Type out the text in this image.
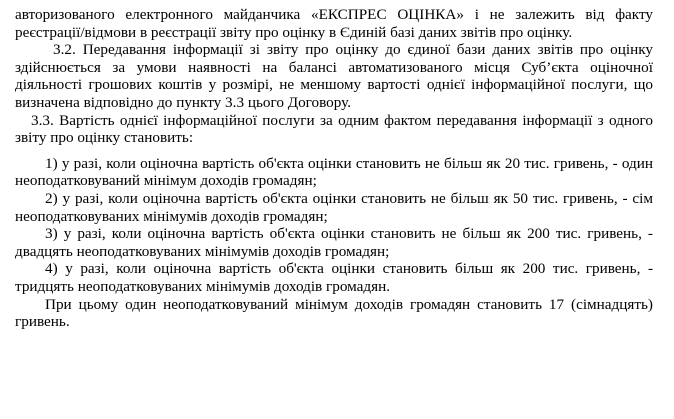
авторизованого електронного майданчика «ЕКСПРЕС ОЦІНКА» і не залежить від факту реєстрації/відмови в реєстрації звіту про оцінку в Єдиній базі даних звітів про оцінку.

3.2. Передавання інформації зі звіту про оцінку до єдиної бази даних звітів про оцінку здійснюється за умови наявності на балансі автоматизованого місця Суб’єкта оціночної діяльності грошових коштів у розмірі, не меншому вартості однієї інформаційної послуги, що визначена відповідно до пункту 3.3 цього Договору.

3.3. Вартість однієї інформаційної послуги за одним фактом передавання інформації з одного звіту про оцінку становить:

1) у разі, коли оціночна вартість об'єкта оцінки становить не більш як 20 тис. гривень, - один неоподатковуваний мінімум доходів громадян;

2) у разі, коли оціночна вартість об'єкта оцінки становить не більш як 50 тис. гривень, - сім неоподатковуваних мінімумів доходів громадян;

3) у разі, коли оціночна вартість об'єкта оцінки становить не більш як 200 тис. гривень, - двадцять неоподатковуваних мінімумів доходів громадян;

4) у разі, коли оціночна вартість об'єкта оцінки становить більш як 200 тис. гривень, - тридцять неоподатковуваних мінімумів доходів громадян.

При цьому один неоподатковуваний мінімум доходів громадян становить 17 (сімнадцять) гривень.
